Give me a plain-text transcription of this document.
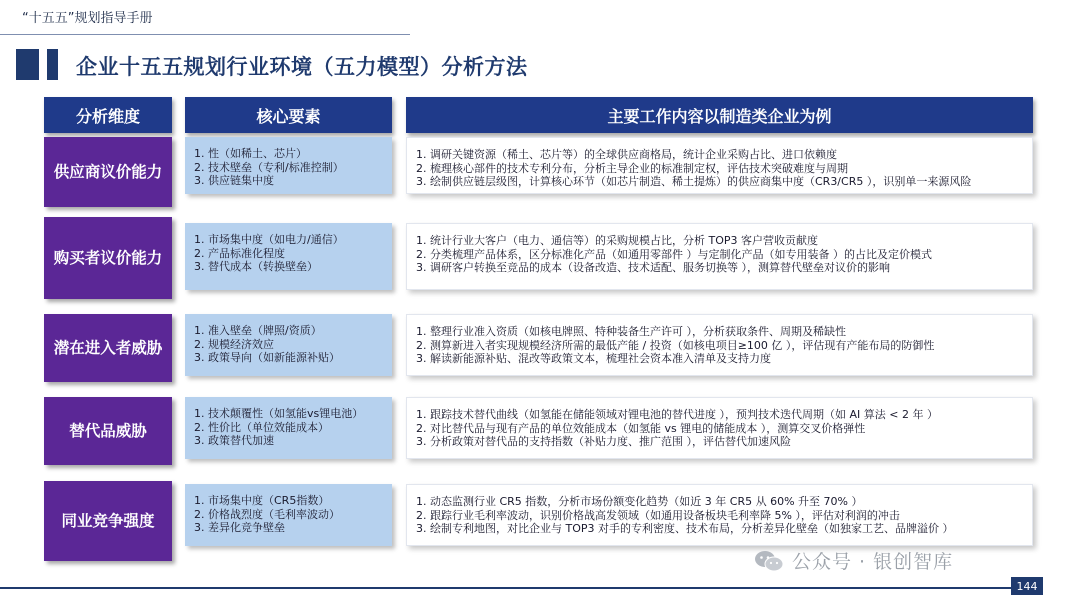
“十五五”规划指导手册
企业十五五规划行业环境（五力模型）分析方法
分析维度	核心要素	主要工作内容以制造类企业为例
供应商议价能力
1. 性（如稀土、芯片）
2. 技术壁垒（专利/标准控制）
3. 供应链集中度
1. 调研关键资源（稀土、芯片等）的全球供应商格局，统计企业采购占比、进口依赖度
2. 梳理核心部件的技术专利分布，分析主导企业的标准制定权，评估技术突破难度与周期
3. 绘制供应链层级图，计算核心环节（如芯片制造、稀土提炼）的供应商集中度（CR3/CR5 ），识别单一来源风险
购买者议价能力
1. 市场集中度（如电力/通信）
2. 产品标准化程度
3. 替代成本（转换壁垒）
1. 统计行业大客户（电力、通信等）的采购规模占比，分析 TOP3 客户营收贡献度
2. 分类梳理产品体系，区分标准化产品（如通用零部件 ）与定制化产品（如专用装备 ）的占比及定价模式
3. 调研客户转换至竞品的成本（设备改造、技术适配、服务切换等 ），测算替代壁垒对议价的影响
潜在进入者威胁
1. 准入壁垒（牌照/资质）
2. 规模经济效应
3. 政策导向（如新能源补贴）
1. 整理行业准入资质（如核电牌照、特种装备生产许可 ），分析获取条件、周期及稀缺性
2. 测算新进入者实现规模经济所需的最低产能 / 投资（如核电项目≥100 亿 ），评估现有产能布局的防御性
3. 解读新能源补贴、混改等政策文本，梳理社会资本准入清单及支持力度
替代品威胁
1. 技术颠覆性（如氢能vs锂电池）
2. 性价比（单位效能成本）
3. 政策替代加速
1. 跟踪技术替代曲线（如氢能在储能领域对锂电池的替代进度 ），预判技术迭代周期（如 AI 算法 < 2 年 ）
2. 对比替代品与现有产品的单位效能成本（如氢能 vs 锂电的储能成本 ），测算交叉价格弹性
3. 分析政策对替代品的支持指数（补贴力度、推广范围 ），评估替代加速风险
同业竞争强度
1. 市场集中度（CR5指数）
2. 价格战烈度（毛利率波动）
3. 差异化竞争壁垒
1. 动态监测行业 CR5 指数，分析市场份额变化趋势（如近 3 年 CR5 从 60% 升至 70% ）
2. 跟踪行业毛利率波动，识别价格战高发领域（如通用设备板块毛利率降 5% ），评估对利润的冲击
3. 绘制专利地图，对比企业与 TOP3 对手的专利密度、技术布局，分析差异化壁垒（如独家工艺、品牌溢价 ）
公众号 · 银创智库
144
